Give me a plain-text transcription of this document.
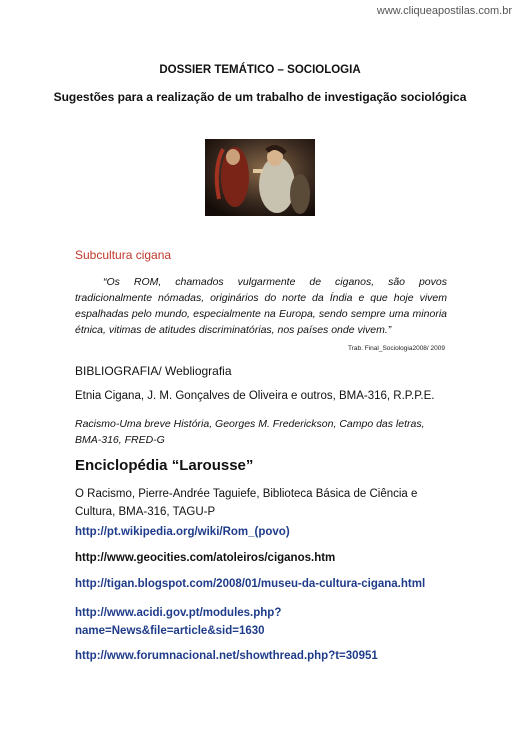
www.cliqueapostilas.com.br
DOSSIER TEMÁTICO – SOCIOLOGIA
Sugestões para a realização de um trabalho de investigação sociológica
Subcultura cigana
“Os ROM, chamados vulgarmente de ciganos, são povos tradicionalmente nómadas, originários do norte da Índia e que hoje vivem espalhadas pelo mundo, especialmente na Europa, sendo sempre uma minoria étnica, vitimas de atitudes discriminatórias, nos países onde vivem.”
Trab. Final_Sociologia2008/ 2009
BIBLIOGRAFIA/ Webliografia
Etnia Cigana, J. M. Gonçalves de Oliveira e outros, BMA-316, R.P.P.E.
Racismo-Uma breve História, Georges M. Frederickson, Campo das letras, BMA-316, FRED-G
Enciclopédia “Larousse”
O Racismo, Pierre-Andrée Taguiefe, Biblioteca Básica de Ciência e Cultura, BMA-316, TAGU-P
http://pt.wikipedia.org/wiki/Rom_(povo)
http://www.geocities.com/atoleiros/ciganos.htm
http://tigan.blogspot.com/2008/01/museu-da-cultura-cigana.html
http://www.acidi.gov.pt/modules.php?name=News&file=article&sid=1630
http://www.forumnacional.net/showthread.php?t=30951
